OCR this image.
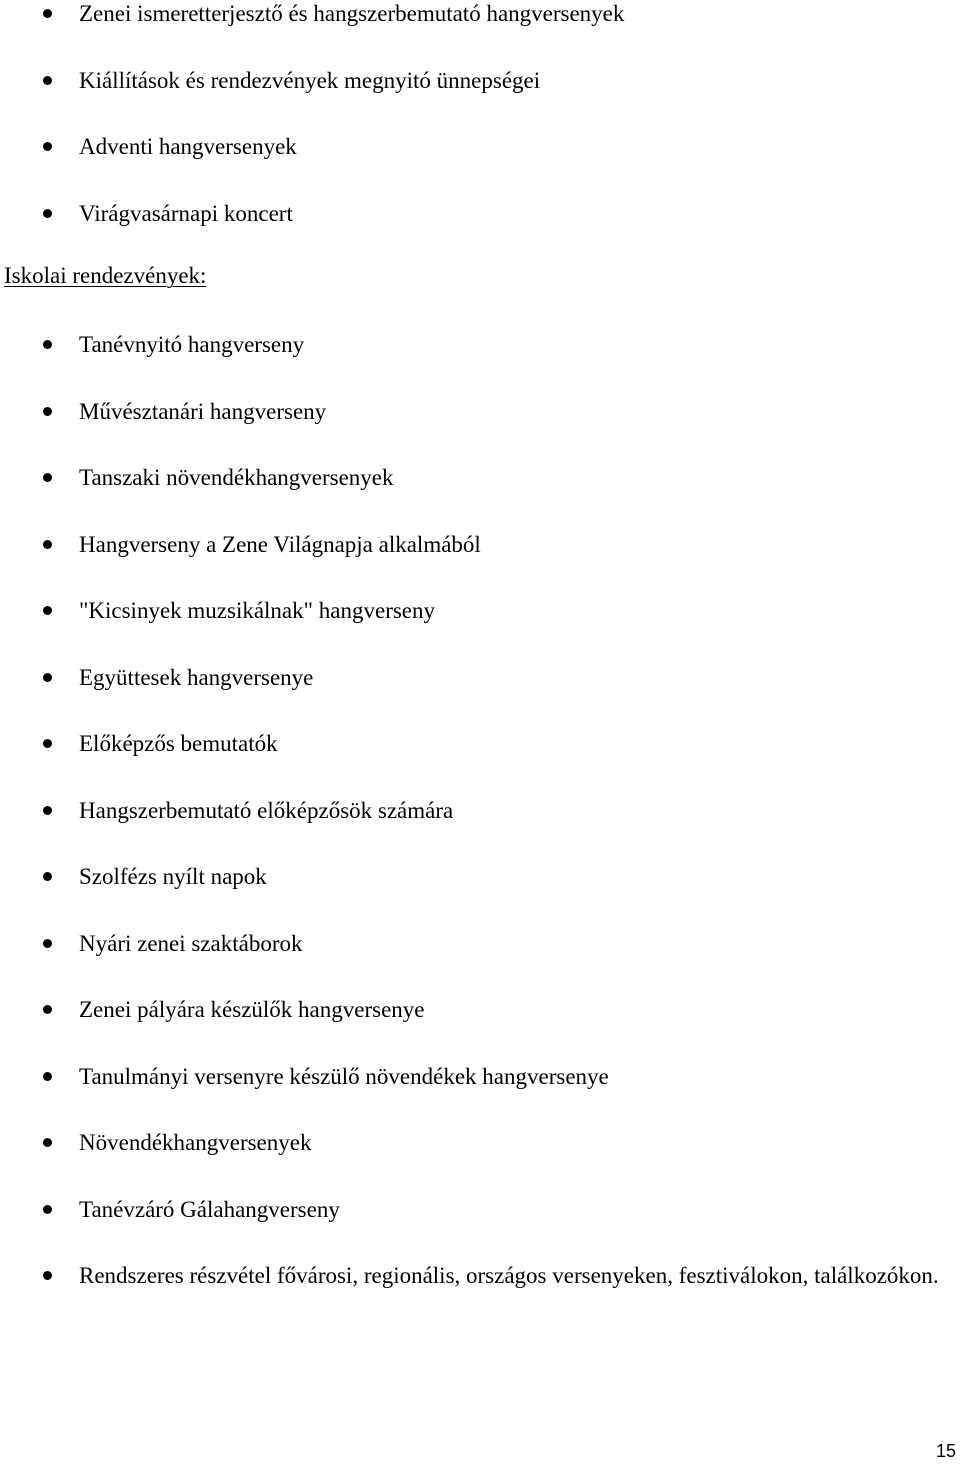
Zenei ismeretterjesztő és hangszerbemutató hangversenyek
Kiállítások és rendezvények megnyitó ünnepségei
Adventi hangversenyek
Virágvasárnapi koncert
Iskolai rendezvények:
Tanévnyitó hangverseny
Művésztanári hangverseny
Tanszaki növendékhangversenyek
Hangverseny a Zene Világnapja alkalmából
"Kicsinyek muzsikálnak" hangverseny
Együttesek hangversenye
Előképzős bemutatók
Hangszerbemutató előképzősök számára
Szolfézs nyílt napok
Nyári zenei szaktáborok
Zenei pályára készülők hangversenye
Tanulmányi versenyre készülő növendékek hangversenye
Növendékhangversenyek
Tanévzáró Gálahangverseny
Rendszeres részvétel fővárosi, regionális, országos versenyeken, fesztiválokon, találkozókon.
15
